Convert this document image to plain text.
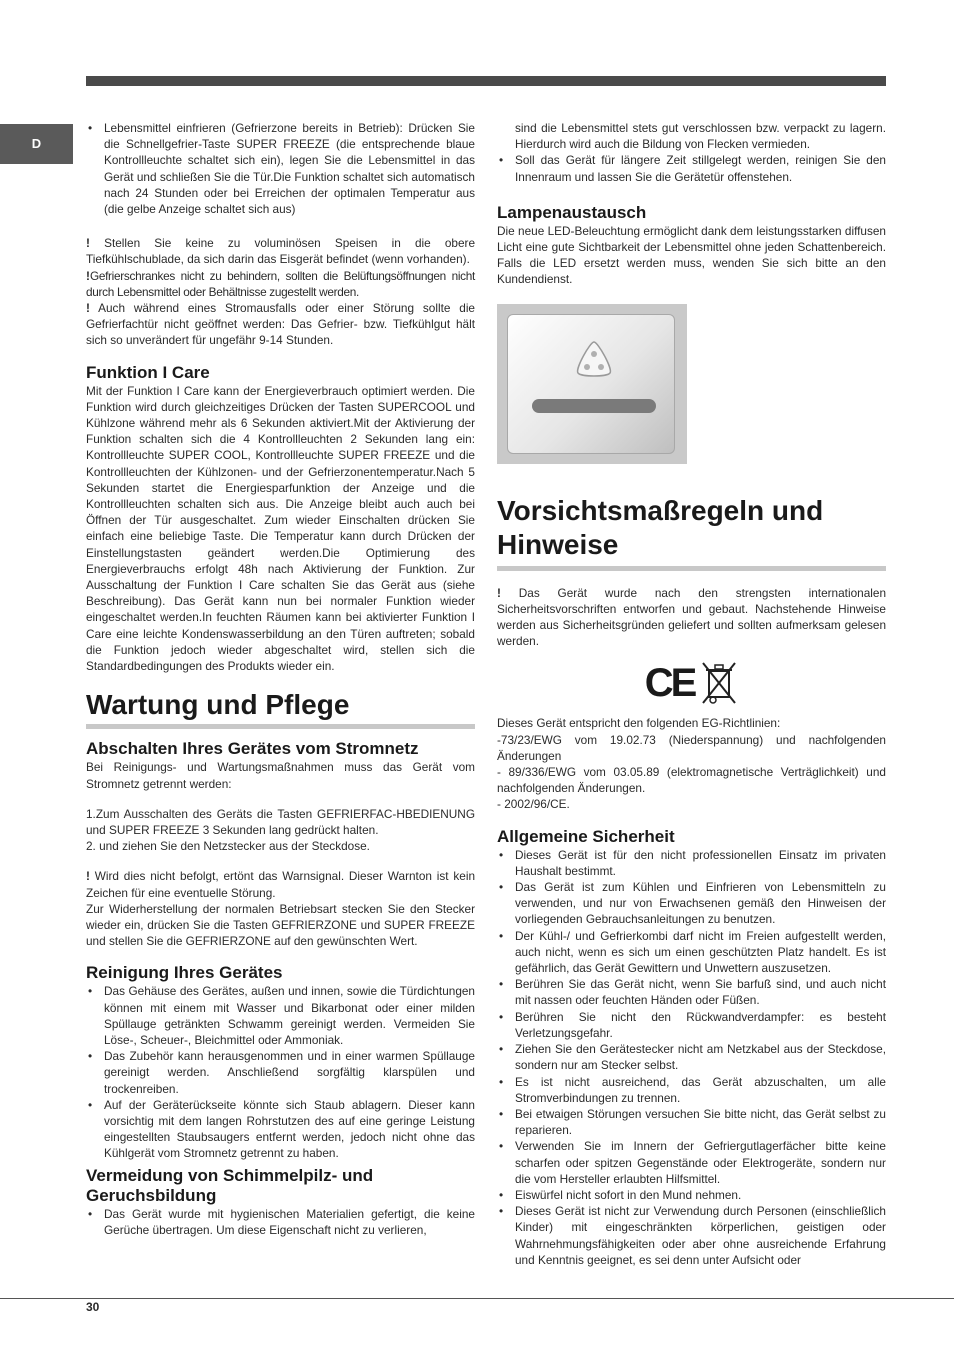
D
• Lebensmittel einfrieren (Gefrierzone bereits in Betrieb): Drücken Sie die Schnellgefrier-Taste SUPER FREEZE (die entsprechende blaue Kontrollleuchte schaltet sich ein), legen Sie die Lebensmittel in das Gerät und schließen Sie die Tür.Die Funktion schaltet sich automatisch nach 24 Stunden oder bei Erreichen der optimalen Temperatur aus (die gelbe Anzeige schaltet sich aus)

! Stellen Sie keine zu voluminösen Speisen in die obere Tiefkühlschublade, da sich darin das Eisgerät befindet (wenn vorhanden).

!Gefrierschrankes nicht zu behindern, sollten die Belüftungsöffnungen nicht durch Lebensmittel oder Behältnisse zugestellt werden.

! Auch während eines Stromausfalls oder einer Störung sollte die Gefrierfachtür nicht geöffnet werden: Das Gefrier- bzw. Tiefkühlgut hält sich so unverändert für ungefähr 9-14 Stunden.

Funktion I Care

Mit der Funktion I Care kann der Energieverbrauch optimiert werden. Die Funktion wird durch gleichzeitiges Drücken der Tasten SUPERCOOL und Kühlzone während mehr als 6 Sekunden aktiviert.Mit der Aktivierung der Funktion schalten sich die 4 Kontrollleuchten 2 Sekunden lang ein: Kontrollleuchte SUPER COOL, Kontrollleuchte SUPER FREEZE und die Kontrollleuchten der Kühlzonen- und der Gefrierzonentemperatur.Nach 5 Sekunden startet die Energiesparfunktion der Anzeige und die Kontrollleuchten schalten sich aus. Die Anzeige bleibt auch auch bei Öffnen der Tür ausgeschaltet. Zum wieder Einschalten drücken Sie einfach eine beliebige Taste. Die Temperatur kann durch Drücken der Einstellungstasten geändert werden.Die Optimierung des Energieverbrauchs erfolgt 48h nach Aktivierung der Funktion. Zur Ausschaltung der Funktion I Care schalten Sie das Gerät aus (siehe Beschreibung). Das Gerät kann nun bei normaler Funktion wieder eingeschaltet werden.In feuchten Räumen kann bei aktivierter Funktion I Care eine leichte Kondenswasserbildung an den Türen auftreten; sobald die Funktion jedoch wieder abgeschaltet wird, stellen sich die Standardbedingungen des Produkts wieder ein.

Wartung und Pflege
Abschalten Ihres Gerätes vom Stromnetz

Bei Reinigungs- und Wartungsmaßnahmen muss das Gerät vom Stromnetz getrennt werden:

1.Zum Ausschalten des Geräts die Tasten GEFRIERFAC-HBEDIENUNG und SUPER FREEZE 3 Sekunden lang gedrückt halten.

2. und ziehen Sie den Netzstecker aus der Steckdose.

! Wird dies nicht befolgt, ertönt das Warnsignal. Dieser Warnton ist kein Zeichen für eine eventuelle Störung.

Zur Widerherstellung der normalen Betriebsart stecken Sie den Stecker wieder ein, drücken Sie die Tasten GEFRIERZONE und SUPER FREEZE und stellen Sie die GEFRIERZONE auf den gewünschten Wert.

Reinigung Ihres Gerätes
• Das Gehäuse des Gerätes, außen und innen, sowie die Türdichtungen können mit einem mit Wasser und Bikarbonat oder einer milden Spüllauge getränkten Schwamm gereinigt werden. Vermeiden Sie Löse-, Scheuer-, Bleichmittel oder Ammoniak.
• Das Zubehör kann herausgenommen und in einer warmen Spüllauge gereinigt werden. Anschließend sorgfältig klarspülen und trockenreiben.
• Auf der Geräterückseite könnte sich Staub ablagern. Dieser kann vorsichtig mit dem langen Rohrstutzen des auf eine geringe Leistung eingestellten Staubsaugers entfernt werden, jedoch nicht ohne das Kühlgerät vom Stromnetz getrennt zu haben.
Vermeidung von Schimmelpilz- und Geruchsbildung
• Das Gerät wurde mit hygienischen Materialien gefertigt, die keine Gerüche übertragen. Um diese Eigenschaft nicht zu verlieren,

sind die Lebensmittel stets gut verschlossen bzw. verpackt zu lagern. Hierdurch wird auch die Bildung von Flecken vermieden.

• Soll das Gerät für längere Zeit stillgelegt werden, reinigen Sie den Innenraum und lassen Sie die Gerätetür offenstehen.
Lampenaustausch

Die neue LED-Beleuchtung ermöglicht dank dem leistungsstarken diffusen Licht eine gute Sichtbarkeit der Lebensmittel ohne jeden Schattenbereich. Falls die LED ersetzt werden muss, wenden Sie sich bitte an den Kundendienst.

Vorsichtsmaßregeln und Hinweise

! Das Gerät wurde nach den strengsten internationalen Sicherheitsvorschriften entworfen und gebaut. Nachstehende Hinweise werden aus Sicherheitsgründen geliefert und sollten aufmerksam gelesen werden.

CE

Dieses Gerät entspricht den folgenden EG-Richtlinien:

-73/23/EWG vom 19.02.73 (Niederspannung) und nachfolgenden Änderungen

- 89/336/EWG vom 03.05.89 (elektromagnetische Verträglichkeit) und nachfolgenden Änderungen.

- 2002/96/CE.

Allgemeine Sicherheit
• Dieses Gerät ist für den nicht professionellen Einsatz im privaten Haushalt bestimmt.
• Das Gerät ist zum Kühlen und Einfrieren von Lebensmitteln zu verwenden, und nur von Erwachsenen gemäß den Hinweisen der vorliegenden Gebrauchsanleitungen zu benutzen.
• Der Kühl-/ und Gefrierkombi darf nicht im Freien aufgestellt werden, auch nicht, wenn es sich um einen geschützten Platz handelt. Es ist gefährlich, das Gerät Gewittern und Unwettern auszusetzen.
• Berühren Sie das Gerät nicht, wenn Sie barfuß sind, und auch nicht mit nassen oder feuchten Händen oder Füßen.
• Berühren Sie nicht den Rückwandverdampfer: es besteht Verletzungsgefahr.
• Ziehen Sie den Gerätestecker nicht am Netzkabel aus der Steckdose, sondern nur am Stecker selbst.
• Es ist nicht ausreichend, das Gerät abzuschalten, um alle Stromverbindungen zu trennen.
• Bei etwaigen Störungen versuchen Sie bitte nicht, das Gerät selbst zu reparieren.
• Verwenden Sie im Innern der Gefriergutlagerfächer bitte keine scharfen oder spitzen Gegenstände oder Elektrogeräte, sondern nur die vom Hersteller erlaubten Hilfsmittel.
• Eiswürfel nicht sofort in den Mund nehmen.
• Dieses Gerät ist nicht zur Verwendung durch Personen (einschließlich Kinder) mit eingeschränkten körperlichen, geistigen oder Wahrnehmungsfähigkeiten oder aber ohne ausreichende Erfahrung und Kenntnis geeignet, es sei denn unter Aufsicht oder
30
